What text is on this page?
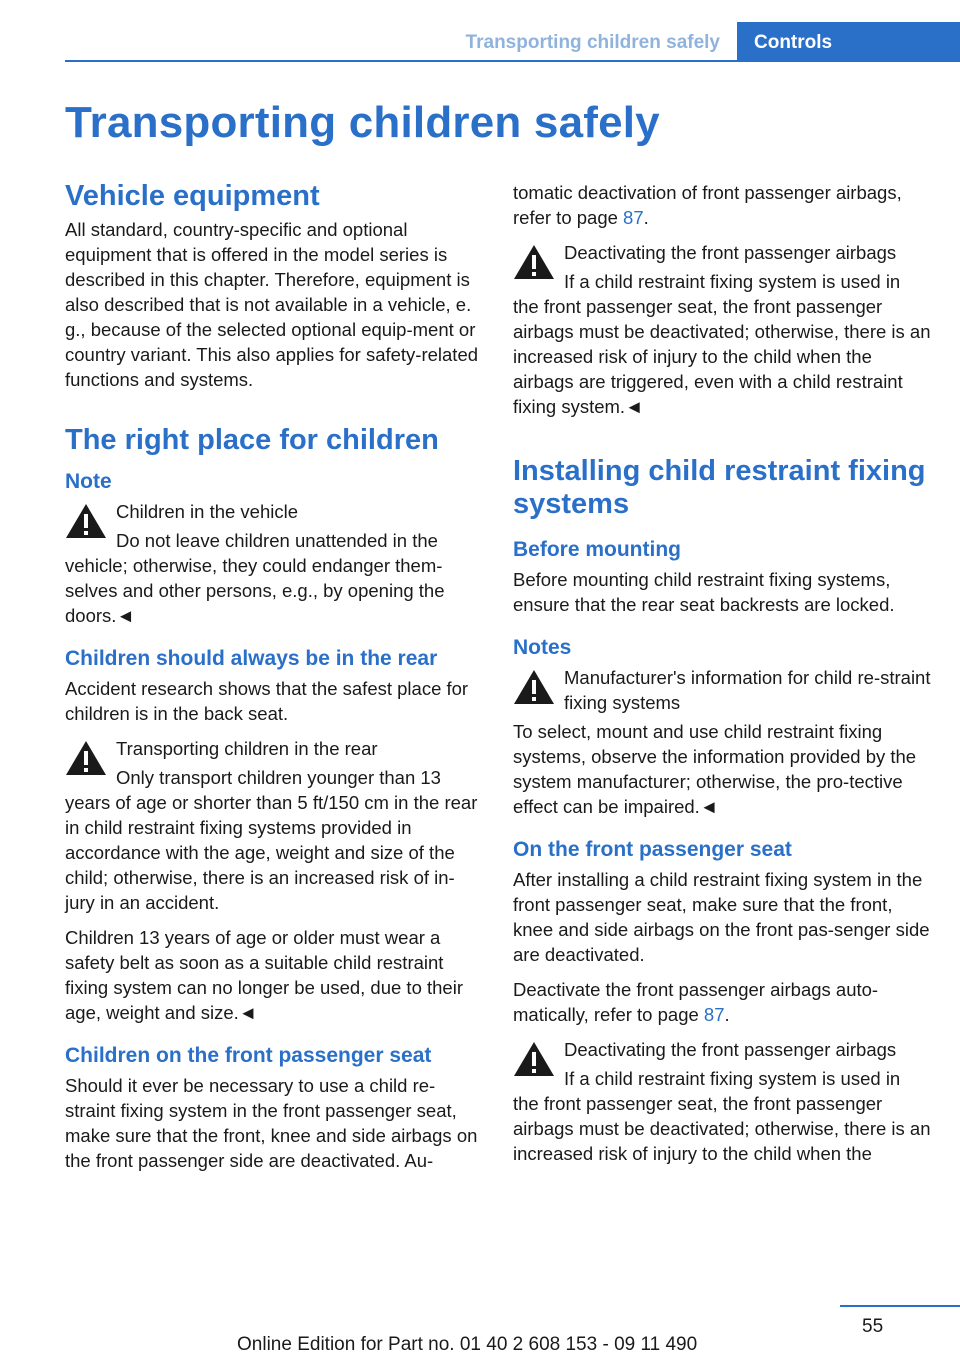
Transporting children safely	Controls
Transporting children safely
Vehicle equipment

All standard, country-specific and optional equipment that is offered in the model series is described in this chapter. Therefore, equipment is also described that is not available in a vehicle, e. g., because of the selected optional equip-ment or country variant. This also applies for safety-related functions and systems.

The right place for children
Note

Children in the vehicle

Do not leave children unattended in the vehicle; otherwise, they could endanger them-selves and other persons, e.g., by opening the doors.◄

Children should always be in the rear

Accident research shows that the safest place for children is in the back seat.

Transporting children in the rear

Only transport children younger than 13 years of age or shorter than 5 ft/150 cm in the rear in child restraint fixing systems provided in accordance with the age, weight and size of the child; otherwise, there is an increased risk of in-jury in an accident.

Children 13 years of age or older must wear a safety belt as soon as a suitable child restraint fixing system can no longer be used, due to their age, weight and size.◄

Children on the front passenger seat

Should it ever be necessary to use a child re-straint fixing system in the front passenger seat, make sure that the front, knee and side airbags on the front passenger side are deactivated. Au-

tomatic deactivation of front passenger airbags, refer to page 87.

Deactivating the front passenger airbags

If a child restraint fixing system is used in the front passenger seat, the front passenger airbags must be deactivated; otherwise, there is an increased risk of injury to the child when the airbags are triggered, even with a child restraint fixing system.◄

Installing child restraint fixing systems
Before mounting

Before mounting child restraint fixing systems, ensure that the rear seat backrests are locked.

Notes

Manufacturer's information for child re-straint fixing systems

To select, mount and use child restraint fixing systems, observe the information provided by the system manufacturer; otherwise, the pro-tective effect can be impaired.◄

On the front passenger seat

After installing a child restraint fixing system in the front passenger seat, make sure that the front, knee and side airbags on the front pas-senger side are deactivated.

Deactivate the front passenger airbags auto-matically, refer to page 87.

Deactivating the front passenger airbags

If a child restraint fixing system is used in the front passenger seat, the front passenger airbags must be deactivated; otherwise, there is an increased risk of injury to the child when the

55
Online Edition for Part no. 01 40 2 608 153 - 09 11 490
